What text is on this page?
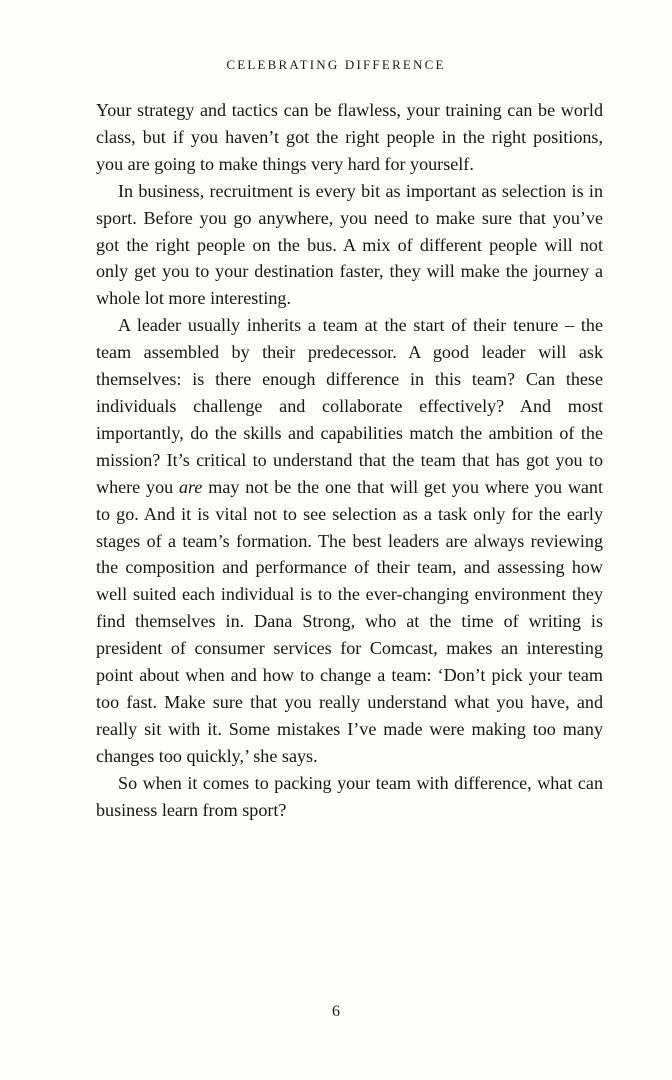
CELEBRATING DIFFERENCE

Your strategy and tactics can be flawless, your training can be world class, but if you haven’t got the right people in the right positions, you are going to make things very hard for yourself.

In business, recruitment is every bit as important as selection is in sport. Before you go anywhere, you need to make sure that you’ve got the right people on the bus. A mix of different people will not only get you to your destination faster, they will make the journey a whole lot more interesting.

A leader usually inherits a team at the start of their tenure – the team assembled by their predecessor. A good leader will ask themselves: is there enough difference in this team? Can these individuals challenge and collaborate effectively? And most importantly, do the skills and capabilities match the ambition of the mission? It’s critical to understand that the team that has got you to where you are may not be the one that will get you where you want to go. And it is vital not to see selection as a task only for the early stages of a team’s formation. The best leaders are always reviewing the composition and performance of their team, and assessing how well suited each individual is to the ever-changing environment they find themselves in. Dana Strong, who at the time of writing is president of consumer services for Comcast, makes an interesting point about when and how to change a team: ‘Don’t pick your team too fast. Make sure that you really understand what you have, and really sit with it. Some mistakes I’ve made were making too many changes too quickly,’ she says.

So when it comes to packing your team with difference, what can business learn from sport?

6
